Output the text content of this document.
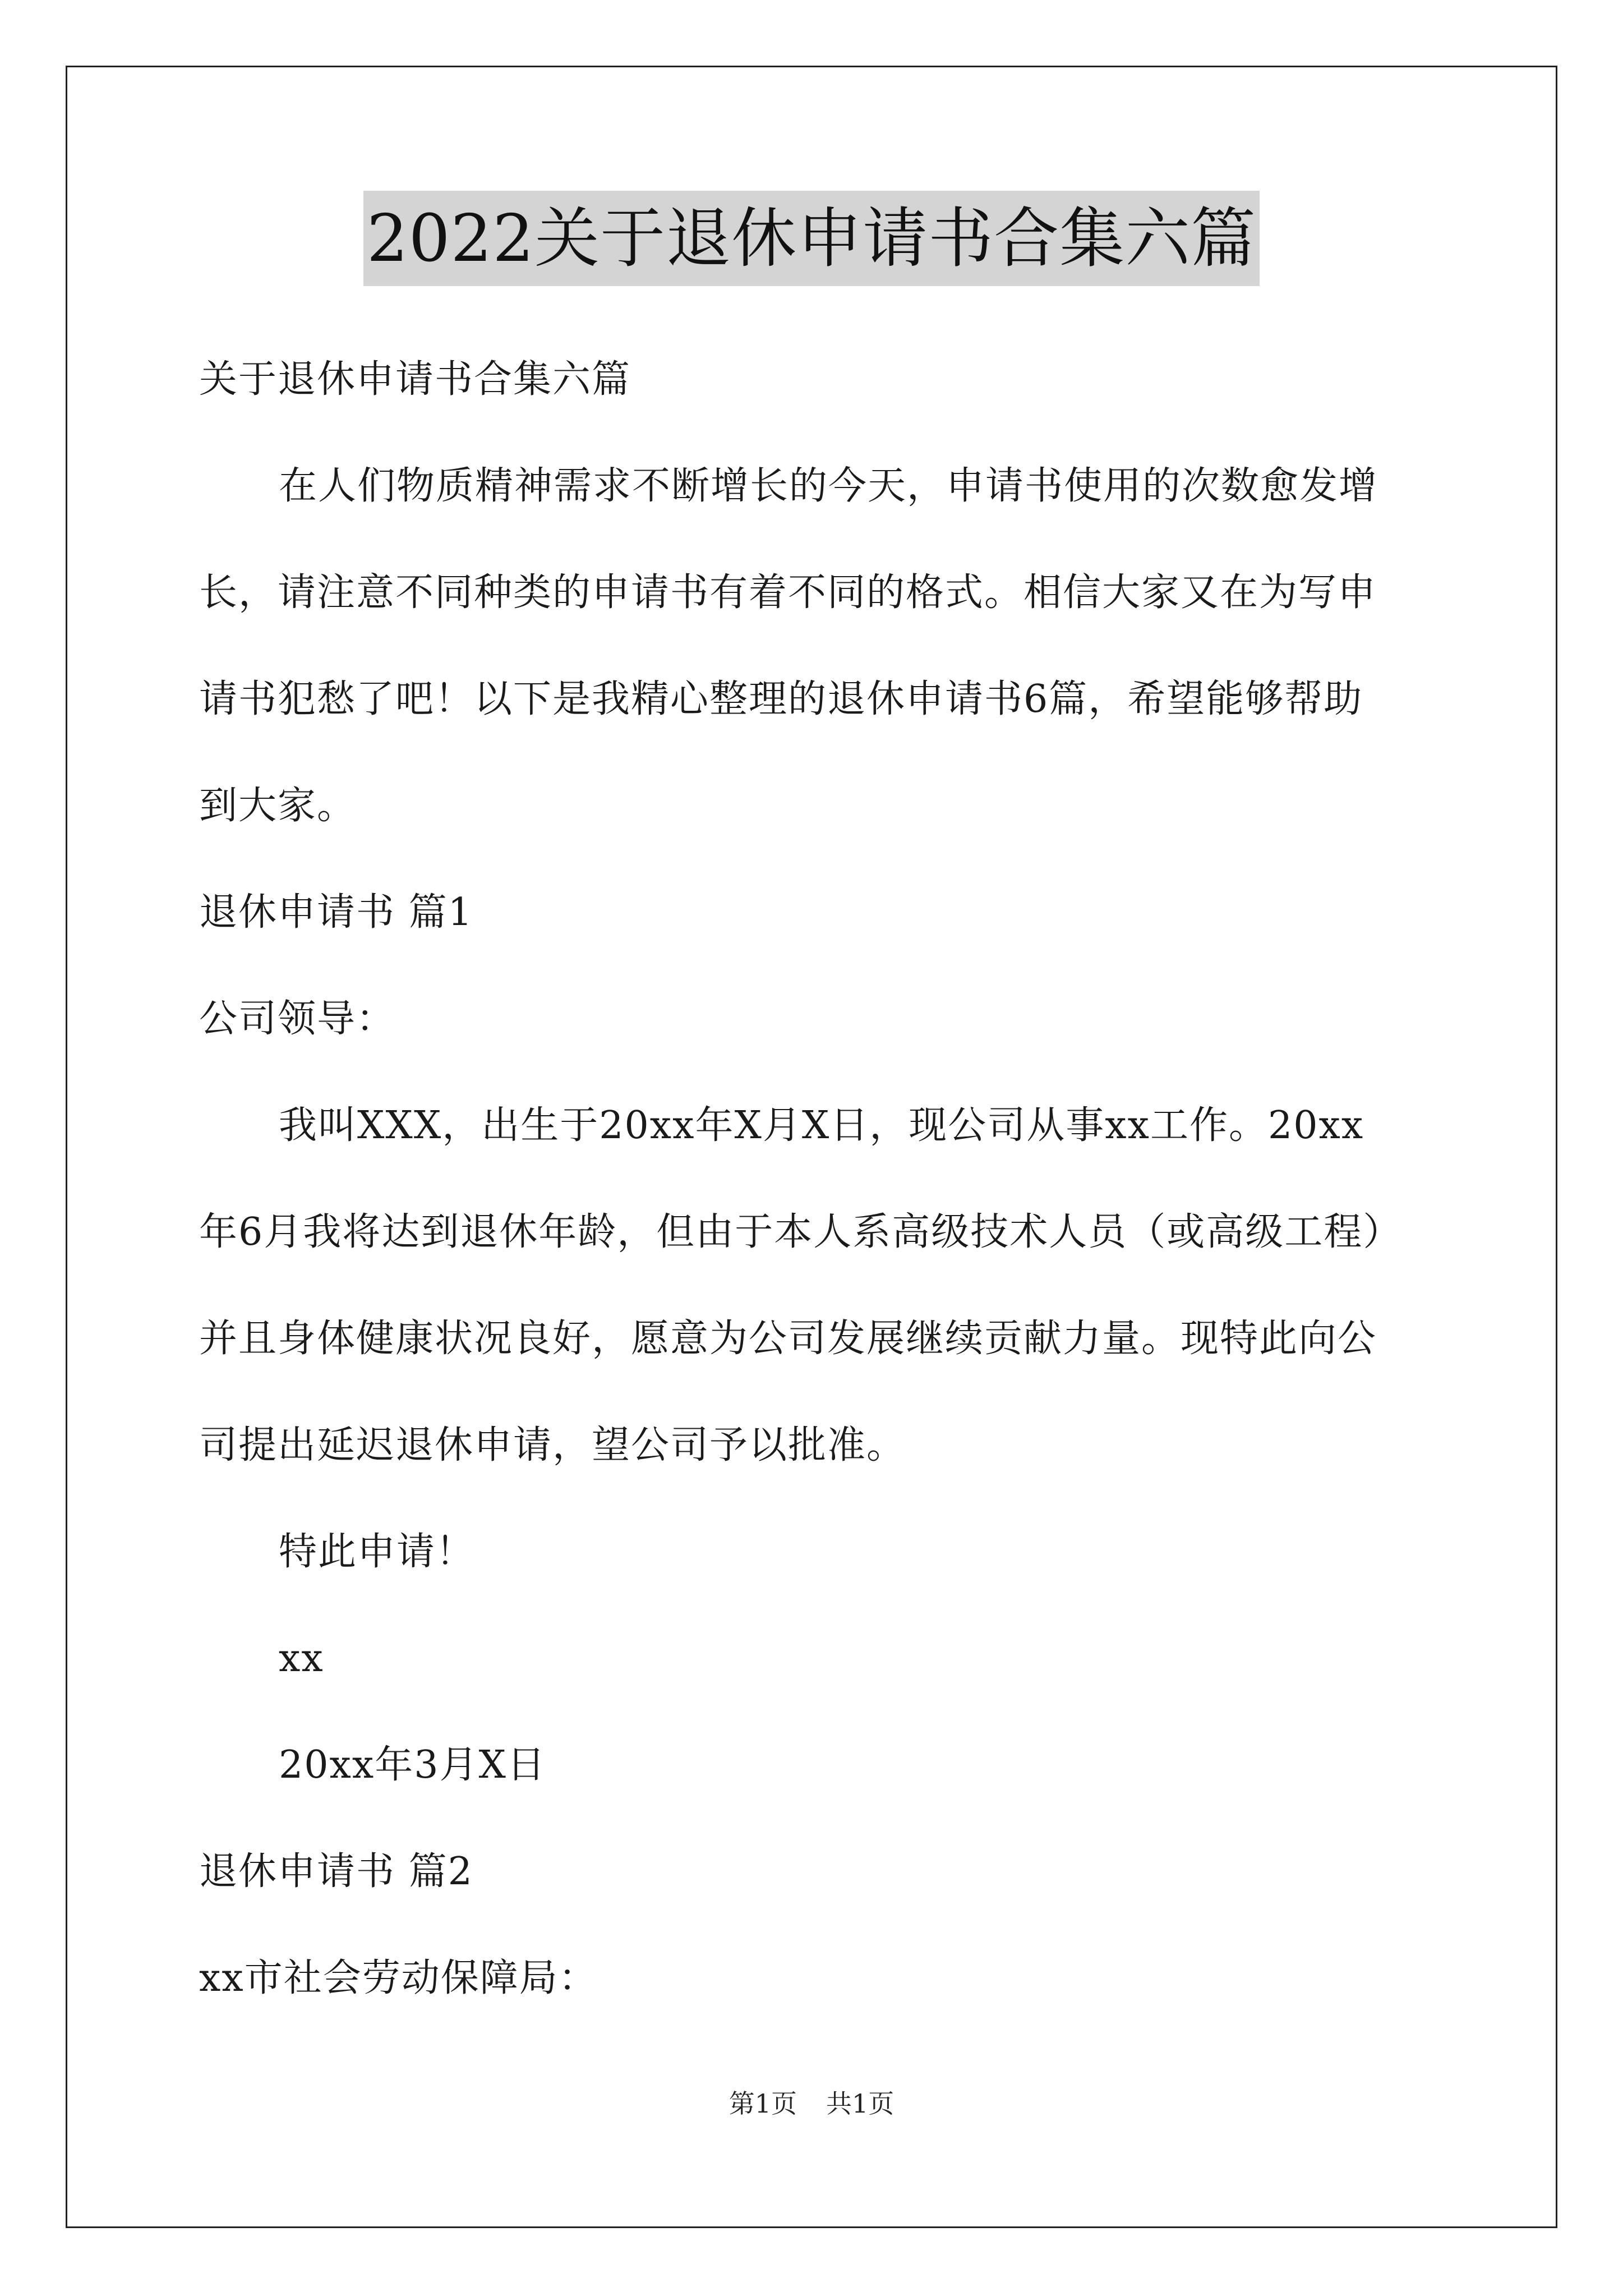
2022关于退休申请书合集六篇
关于退休申请书合集六篇
在人们物质精神需求不断增长的今天，申请书使用的次数愈发增
长，请注意不同种类的申请书有着不同的格式。相信大家又在为写申
请书犯愁了吧！以下是我精心整理的退休申请书6篇，希望能够帮助
到大家。
退休申请书 篇1
公司领导：
我叫XXX，出生于20xx年X月X日，现公司从事xx工作。20xx
年6月我将达到退休年龄，但由于本人系高级技术人员（或高级工程）
并且身体健康状况良好，愿意为公司发展继续贡献力量。现特此向公
司提出延迟退休申请，望公司予以批准。
特此申请！
xx
20xx年3月X日
退休申请书 篇2
xx市社会劳动保障局：
第1页 共1页
